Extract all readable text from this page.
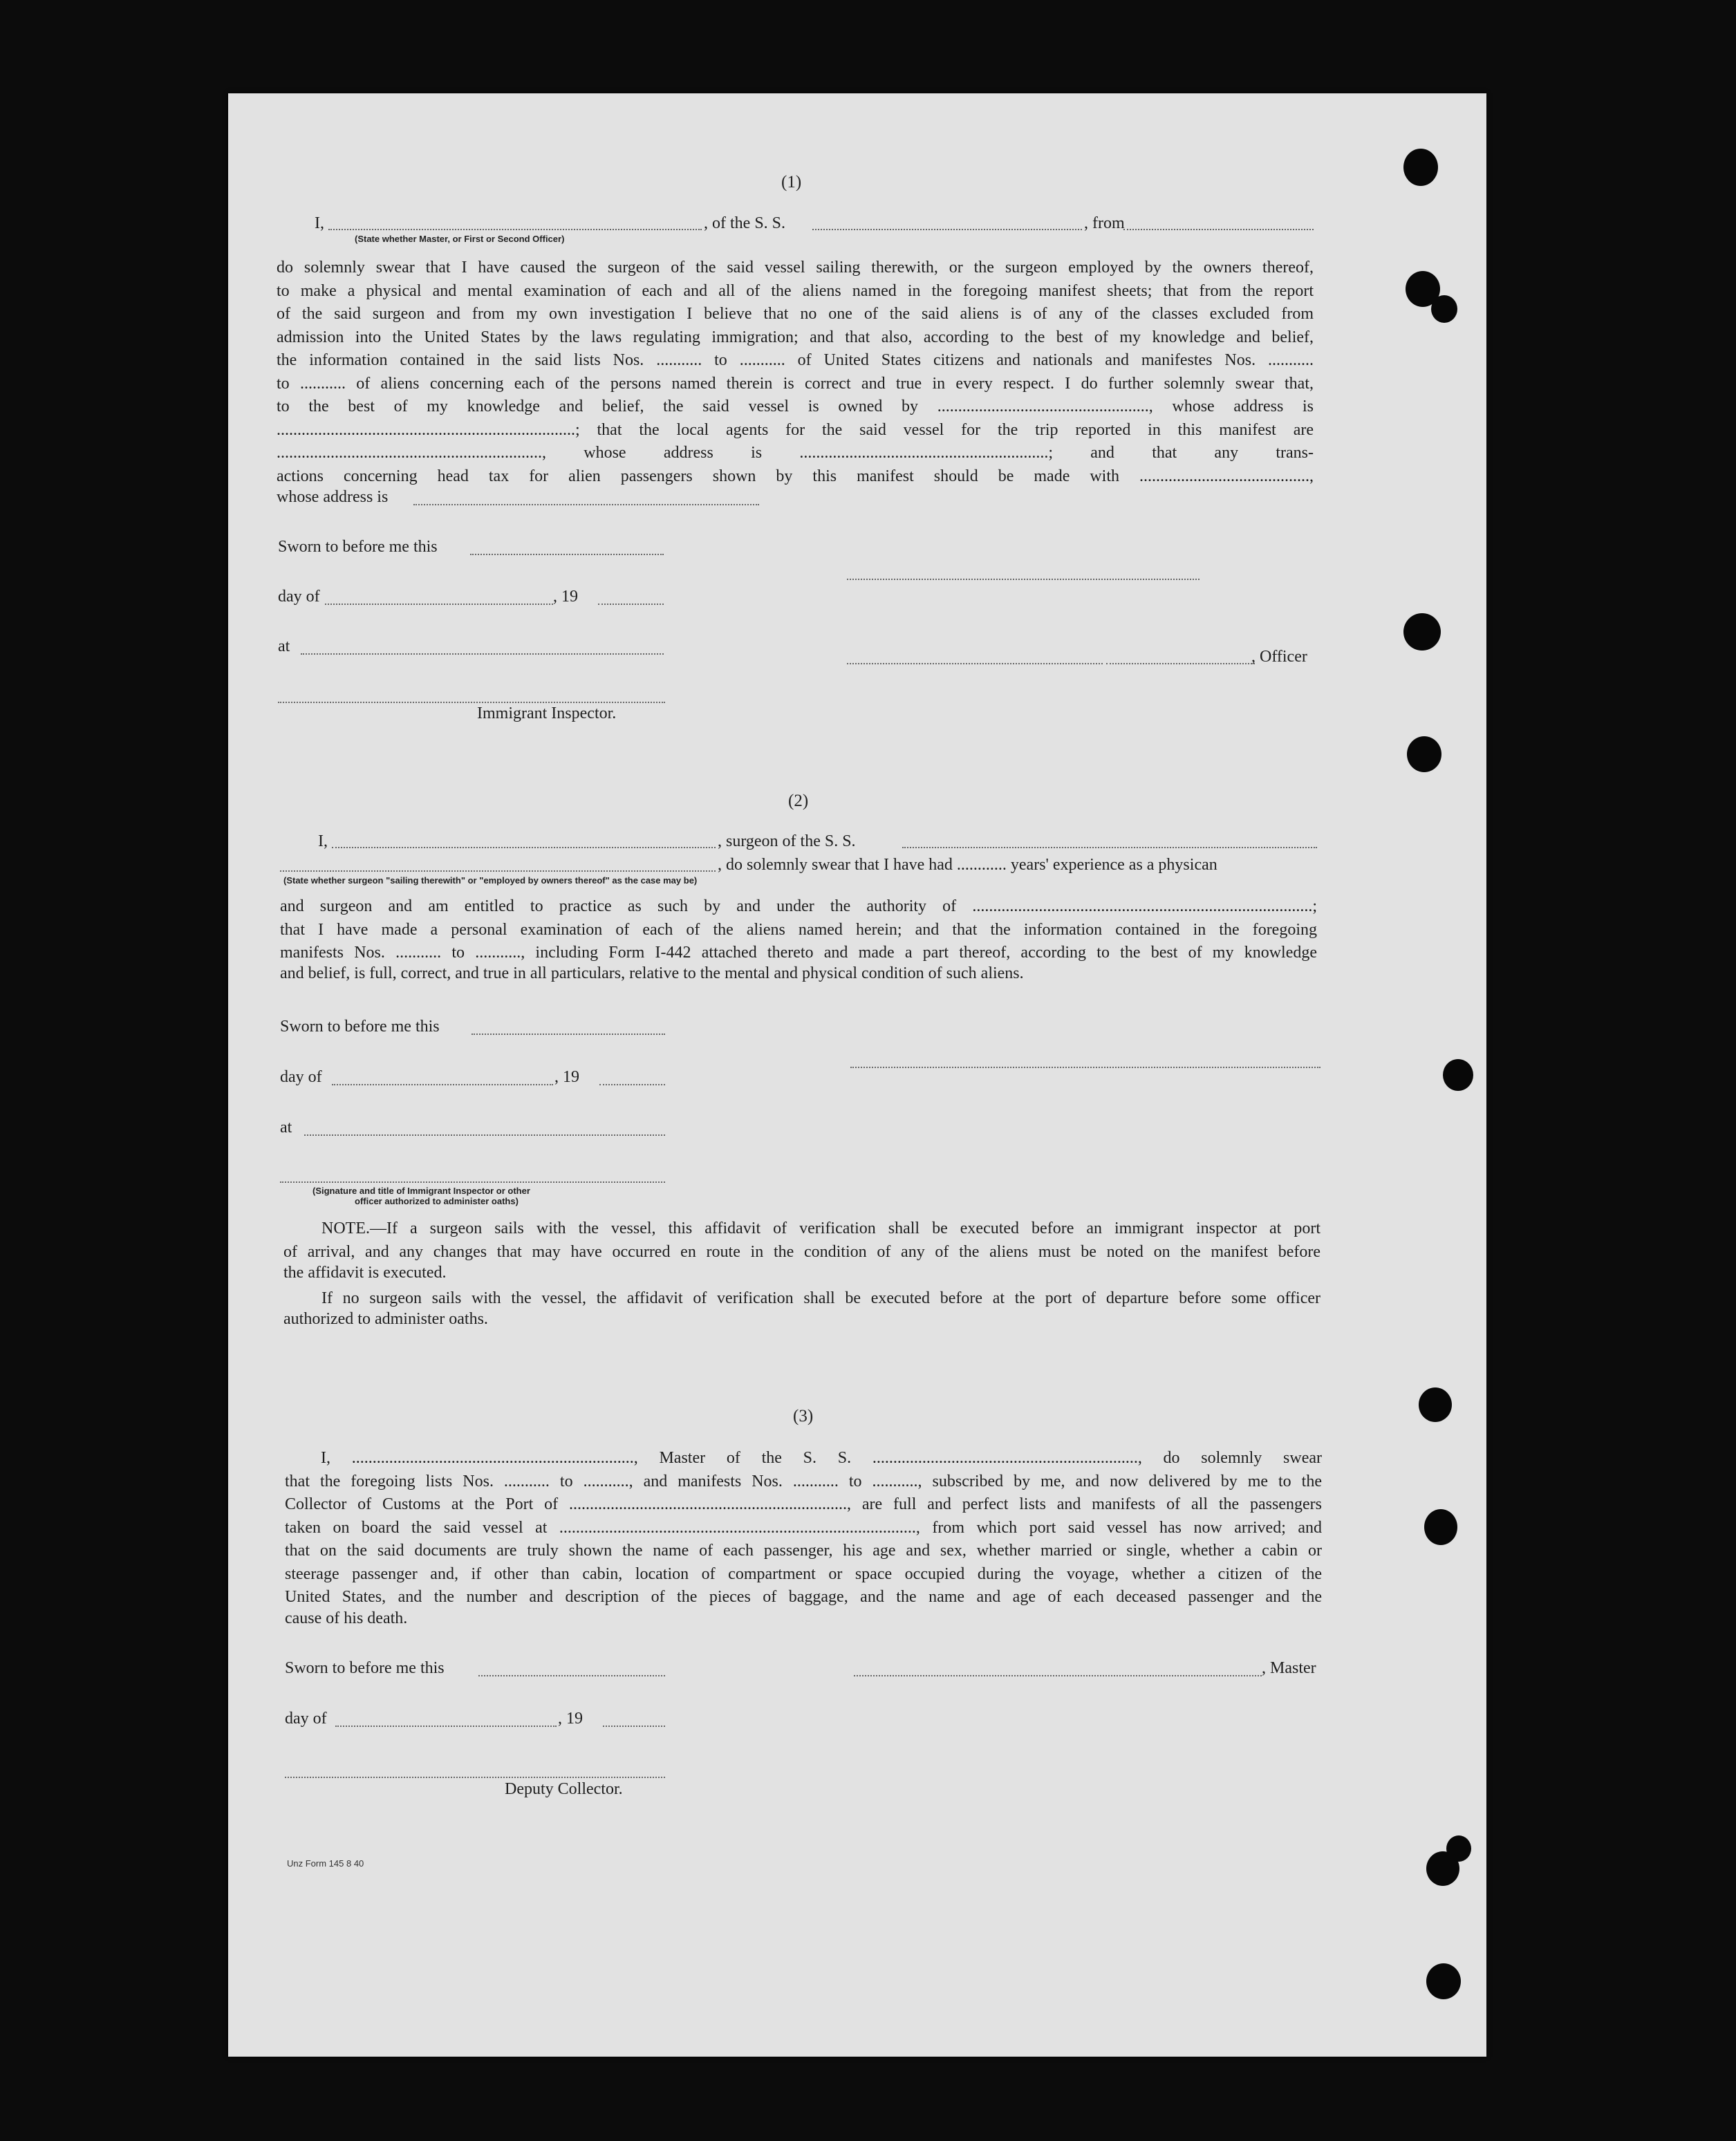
(1)
I,	, of the S. S.	, from
(State whether Master, or First or Second Officer)
do solemnly swear that I have caused the surgeon of the said vessel sailing therewith, or the surgeon employed by the owners thereof,
to make a physical and mental examination of each and all of the aliens named in the foregoing manifest sheets; that from the report
of the said surgeon and from my own investigation I believe that no one of the said aliens is of any of the classes excluded from
admission into the United States by the laws regulating immigration; and that also, according to the best of my knowledge and belief,
the information contained in the said lists Nos. ........... to ........... of United States citizens and nationals and manifestes Nos. ...........
to ........... of aliens concerning each of the persons named therein is correct and true in every respect. I do further solemnly swear that,
to the best of my knowledge and belief, the said vessel is owned by ..................................................., whose address is
........................................................................; that the local agents for the said vessel for the trip reported in this manifest are
................................................................, whose address is ............................................................; and that any trans-
actions concerning head tax for alien passengers shown by this manifest should be made with .........................................,
whose address is
Sworn to before me this
day of	, 19
at
, Officer
Immigrant Inspector.
(2)
I,	, surgeon of the S. S.
, do solemnly swear that I have had ............ years' experience as a physican
(State whether surgeon "sailing therewith" or "employed by owners thereof" as the case may be)
and surgeon and am entitled to practice as such by and under the authority of ..................................................................................;
that I have made a personal examination of each of the aliens named herein; and that the information contained in the foregoing
manifests Nos. ........... to ..........., including Form I-442 attached thereto and made a part thereof, according to the best of my knowledge
and belief, is full, correct, and true in all particulars, relative to the mental and physical condition of such aliens.
Sworn to before me this
day of	, 19
at
(Signature and title of Immigrant Inspector or other
officer authorized to administer oaths)
NOTE.—If a surgeon sails with the vessel, this affidavit of verification shall be executed before an immigrant inspector at port
of arrival, and any changes that may have occurred en route in the condition of any of the aliens must be noted on the manifest before
the affidavit is executed.
If no surgeon sails with the vessel, the affidavit of verification shall be executed before at the port of departure before some officer
authorized to administer oaths.
(3)
I, ...................................................................., Master of the S. S. ................................................................, do solemnly swear
that the foregoing lists Nos. ........... to ..........., and manifests Nos. ........... to ..........., subscribed by me, and now delivered by me to the
Collector of Customs at the Port of ..................................................................., are full and perfect lists and manifests of all the passengers
taken on board the said vessel at ......................................................................................, from which port said vessel has now arrived; and
that on the said documents are truly shown the name of each passenger, his age and sex, whether married or single, whether a cabin or
steerage passenger and, if other than cabin, location of compartment or space occupied during the voyage, whether a citizen of the
United States, and the number and description of the pieces of baggage, and the name and age of each deceased passenger and the
cause of his death.
Sworn to before me this	, Master
day of	, 19
Deputy Collector.
Unz Form 145 8 40
